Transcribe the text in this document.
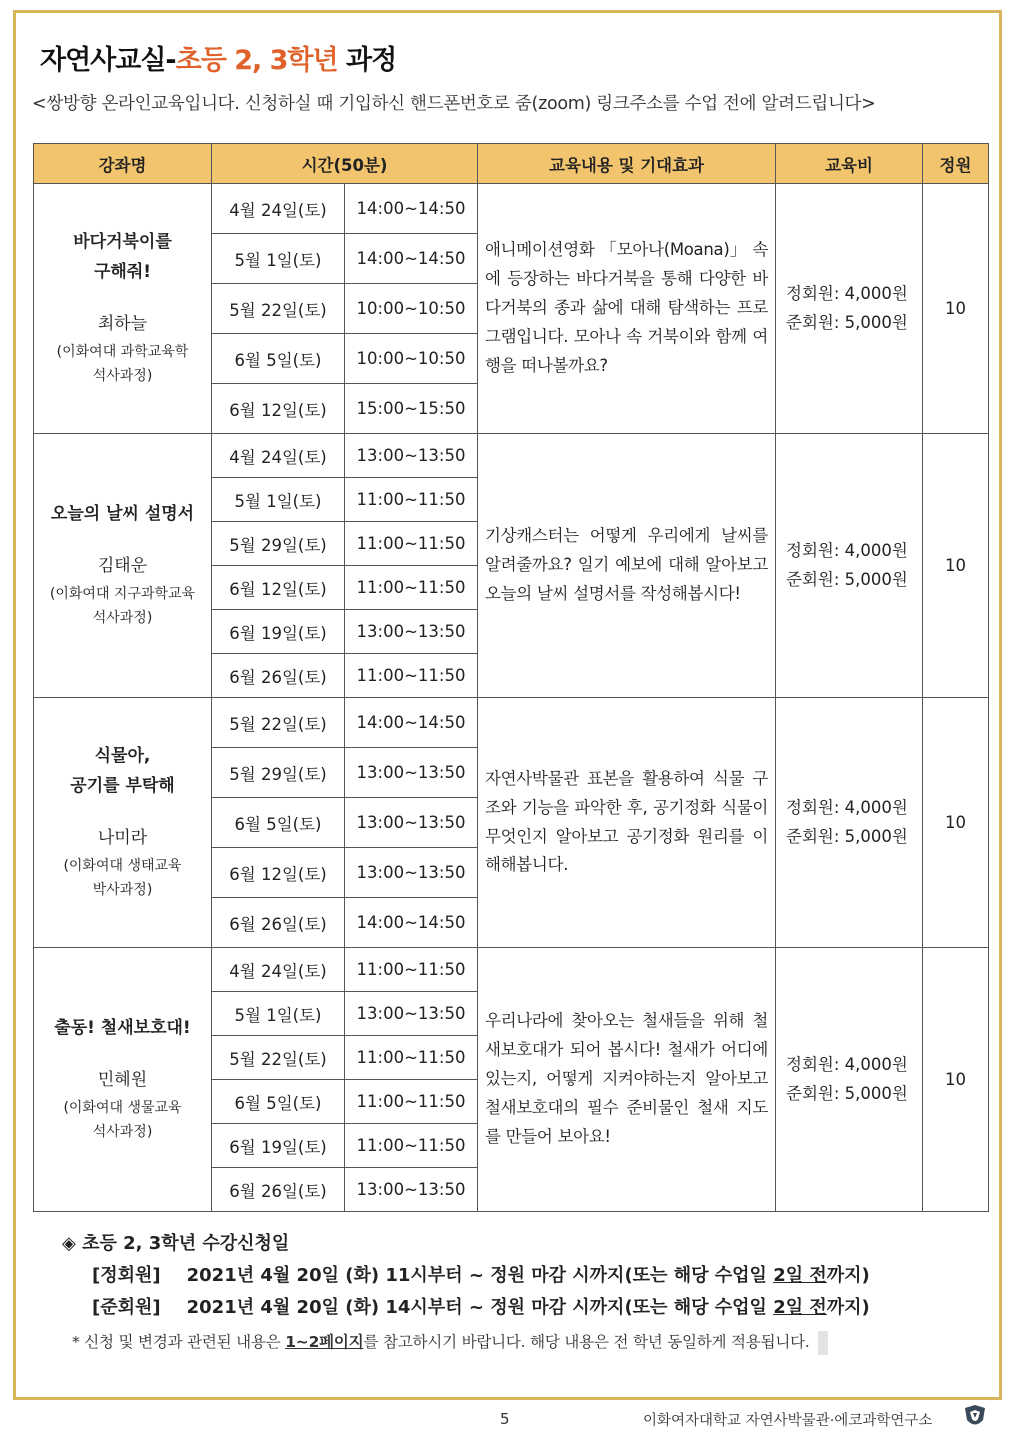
자연사교실-초등 2, 3학년 과정
<쌍방향 온라인교육입니다. 신청하실 때 기입하신 핸드폰번호로 줌(zoom) 링크주소를 수업 전에 알려드립니다>
강좌명	시간(50분)		교육내용 및 기대효과	교육비	정원

바다거북이를
구해줘!
최하늘
(이화여대 과학교육학
석사과정)	4월 24일(토)	14:00~14:50	애니메이션영화 「모아나(Moana)」 속에 등장하는 바다거북을 통해 다양한 바다거북의 종과 삶에 대해 탐색하는 프로그램입니다. 모아나 속 거북이와 함께 여행을 떠나볼까요?	정회원: 4,000원
준회원: 5,000원	10
	5월 1일(토)	14:00~14:50			
	5월 22일(토)	10:00~10:50			
	6월 5일(토)	10:00~10:50			
	6월 12일(토)	15:00~15:50			

오늘의 날씨 설명서
김태운
(이화여대 지구과학교육
석사과정)	4월 24일(토)	13:00~13:50	기상캐스터는 어떻게 우리에게 날씨를 알려줄까요? 일기 예보에 대해 알아보고 오늘의 날씨 설명서를 작성해봅시다!	정회원: 4,000원
준회원: 5,000원	10
	5월 1일(토)	11:00~11:50			
	5월 29일(토)	11:00~11:50			
	6월 12일(토)	11:00~11:50			
	6월 19일(토)	13:00~13:50			
	6월 26일(토)	11:00~11:50			

식물아,
공기를 부탁해
나미라
(이화여대 생태교육
박사과정)	5월 22일(토)	14:00~14:50	자연사박물관 표본을 활용하여 식물 구조와 기능을 파악한 후, 공기정화 식물이 무엇인지 알아보고 공기정화 원리를 이해해봅니다.	정회원: 4,000원
준회원: 5,000원	10
	5월 29일(토)	13:00~13:50			
	6월 5일(토)	13:00~13:50			
	6월 12일(토)	13:00~13:50			
	6월 26일(토)	14:00~14:50			

출동! 철새보호대!
민혜원
(이화여대 생물교육
석사과정)	4월 24일(토)	11:00~11:50	우리나라에 찾아오는 철새들을 위해 철새보호대가 되어 봅시다! 철새가 어디에 있는지, 어떻게 지켜야하는지 알아보고 철새보호대의 필수 준비물인 철새 지도를 만들어 보아요!	정회원: 4,000원
준회원: 5,000원	10
	5월 1일(토)	13:00~13:50			
	5월 22일(토)	11:00~11:50			
	6월 5일(토)	11:00~11:50			
	6월 19일(토)	11:00~11:50			
	6월 26일(토)	13:00~13:50			
◈ 초등 2, 3학년 수강신청일
[정회원] 2021년 4월 20일 (화) 11시부터 ~ 정원 마감 시까지(또는 해당 수업일 2일 전까지)
[준회원] 2021년 4월 20일 (화) 14시부터 ~ 정원 마감 시까지(또는 해당 수업일 2일 전까지)
* 신청 및 변경과 관련된 내용은 1~2페이지를 참고하시기 바랍니다. 해당 내용은 전 학년 동일하게 적용됩니다.
5	이화여자대학교 자연사박물관·에코과학연구소
